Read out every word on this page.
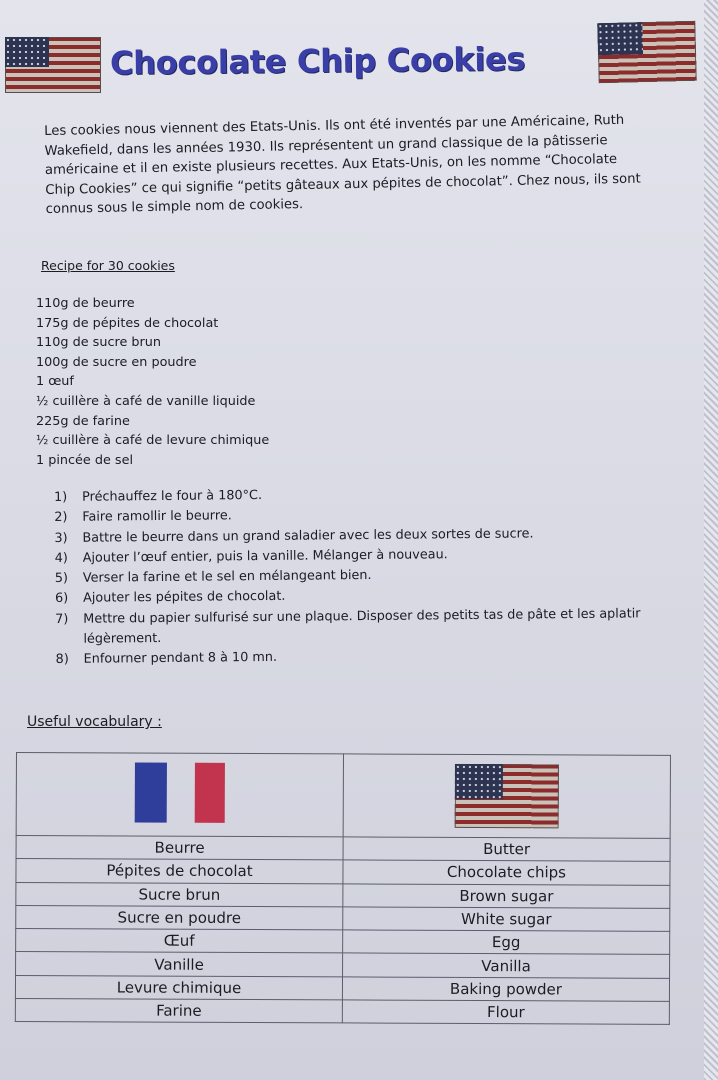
Chocolate Chip Cookies
Les cookies nous viennent des Etats-Unis. Ils ont été inventés par une Américaine, Ruth
Wakefield, dans les années 1930. Ils représentent un grand classique de la pâtisserie
américaine et il en existe plusieurs recettes. Aux Etats-Unis, on les nomme “Chocolate
Chip Cookies” ce qui signifie “petits gâteaux aux pépites de chocolat”. Chez nous, ils sont
connus sous le simple nom de cookies.

Recipe for 30 cookies

110g de beurre
175g de pépites de chocolat
110g de sucre brun
100g de sucre en poudre
1 œuf
½ cuillère à café de vanille liquide
225g de farine
½ cuillère à café de levure chimique
1 pincée de sel
1)	Préchauffez le four à 180°C.
2)	Faire ramollir le beurre.
3)	Battre le beurre dans un grand saladier avec les deux sortes de sucre.
4)	Ajouter l’œuf entier, puis la vanille. Mélanger à nouveau.
5)	Verser la farine et le sel en mélangeant bien.
6)	Ajouter les pépites de chocolat.
7)	Mettre du papier sulfurisé sur une plaque. Disposer des petits tas de pâte et les aplatir légèrement.
8)	Enfourner pendant 8 à 10 mn.

Useful vocabulary :

Beurre	Butter
Pépites de chocolat	Chocolate chips
Sucre brun	Brown sugar
Sucre en poudre	White sugar
Œuf	Egg
Vanille	Vanilla
Levure chimique	Baking powder
Farine	Flour
